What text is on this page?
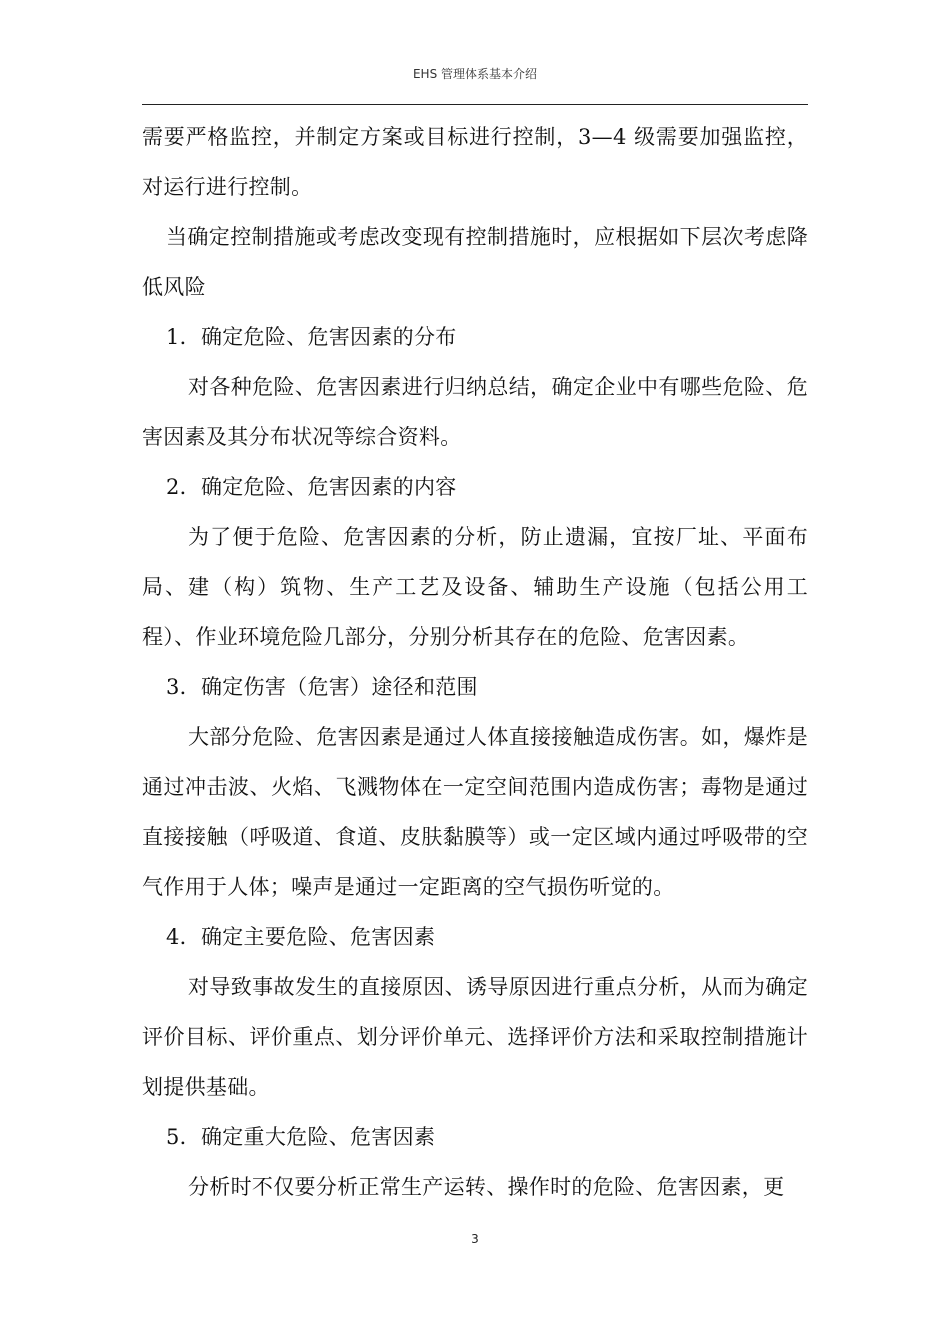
EHS 管理体系基本介绍

需要严格监控，并制定方案或目标进行控制，3—4 级需要加强监控，对运行进行控制。

当确定控制措施或考虑改变现有控制措施时，应根据如下层次考虑降低风险

1．确定危险、危害因素的分布

对各种危险、危害因素进行归纳总结，确定企业中有哪些危险、危害因素及其分布状况等综合资料。

2．确定危险、危害因素的内容

为了便于危险、危害因素的分析，防止遗漏，宜按厂址、平面布局、建（构）筑物、生产工艺及设备、辅助生产设施（包括公用工程）、作业环境危险几部分，分别分析其存在的危险、危害因素。

3．确定伤害（危害）途径和范围

大部分危险、危害因素是通过人体直接接触造成伤害。如，爆炸是通过冲击波、火焰、飞溅物体在一定空间范围内造成伤害；毒物是通过直接接触（呼吸道、食道、皮肤黏膜等）或一定区域内通过呼吸带的空气作用于人体；噪声是通过一定距离的空气损伤听觉的。

4．确定主要危险、危害因素

对导致事故发生的直接原因、诱导原因进行重点分析，从而为确定评价目标、评价重点、划分评价单元、选择评价方法和采取控制措施计划提供基础。

5．确定重大危险、危害因素

分析时不仅要分析正常生产运转、操作时的危险、危害因素，更

3
